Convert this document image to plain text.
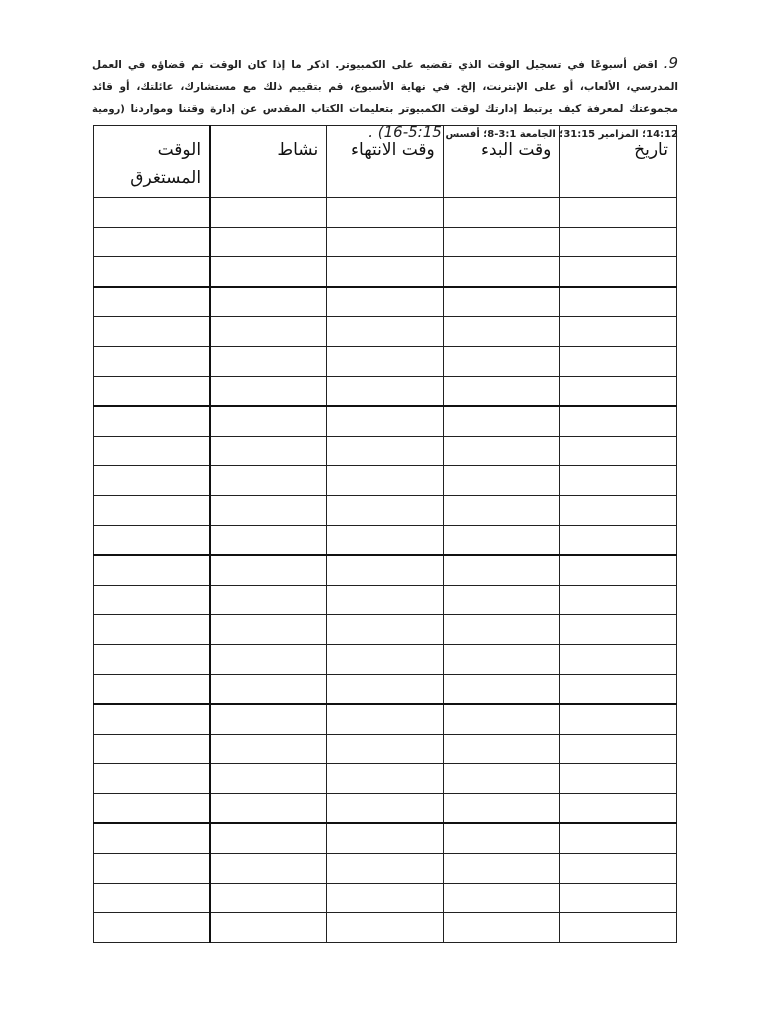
9. اقض أسبوعًا في تسجيل الوقت الذي تقضيه على الكمبيوتر. اذكر ما إذا كان الوقت تم قضاؤه في العمل المدرسي، الألعاب، أو على الإنترنت، إلخ. في نهاية الأسبوع، قم بتقييم ذلك مع مستشارك، عائلتك، أو قائد مجموعتك لمعرفة كيف يرتبط إدارتك لوقت الكمبيوتر بتعليمات الكتاب المقدس عن إدارة وقتنا ومواردنا (رومية 14:12؛ المزامير 31:15؛ الجامعة 3:1-8؛ أفسس 5:15-16) .
تاريخ	وقت البدء	وقت الانتهاء	نشاط	الوقت المستغرق
